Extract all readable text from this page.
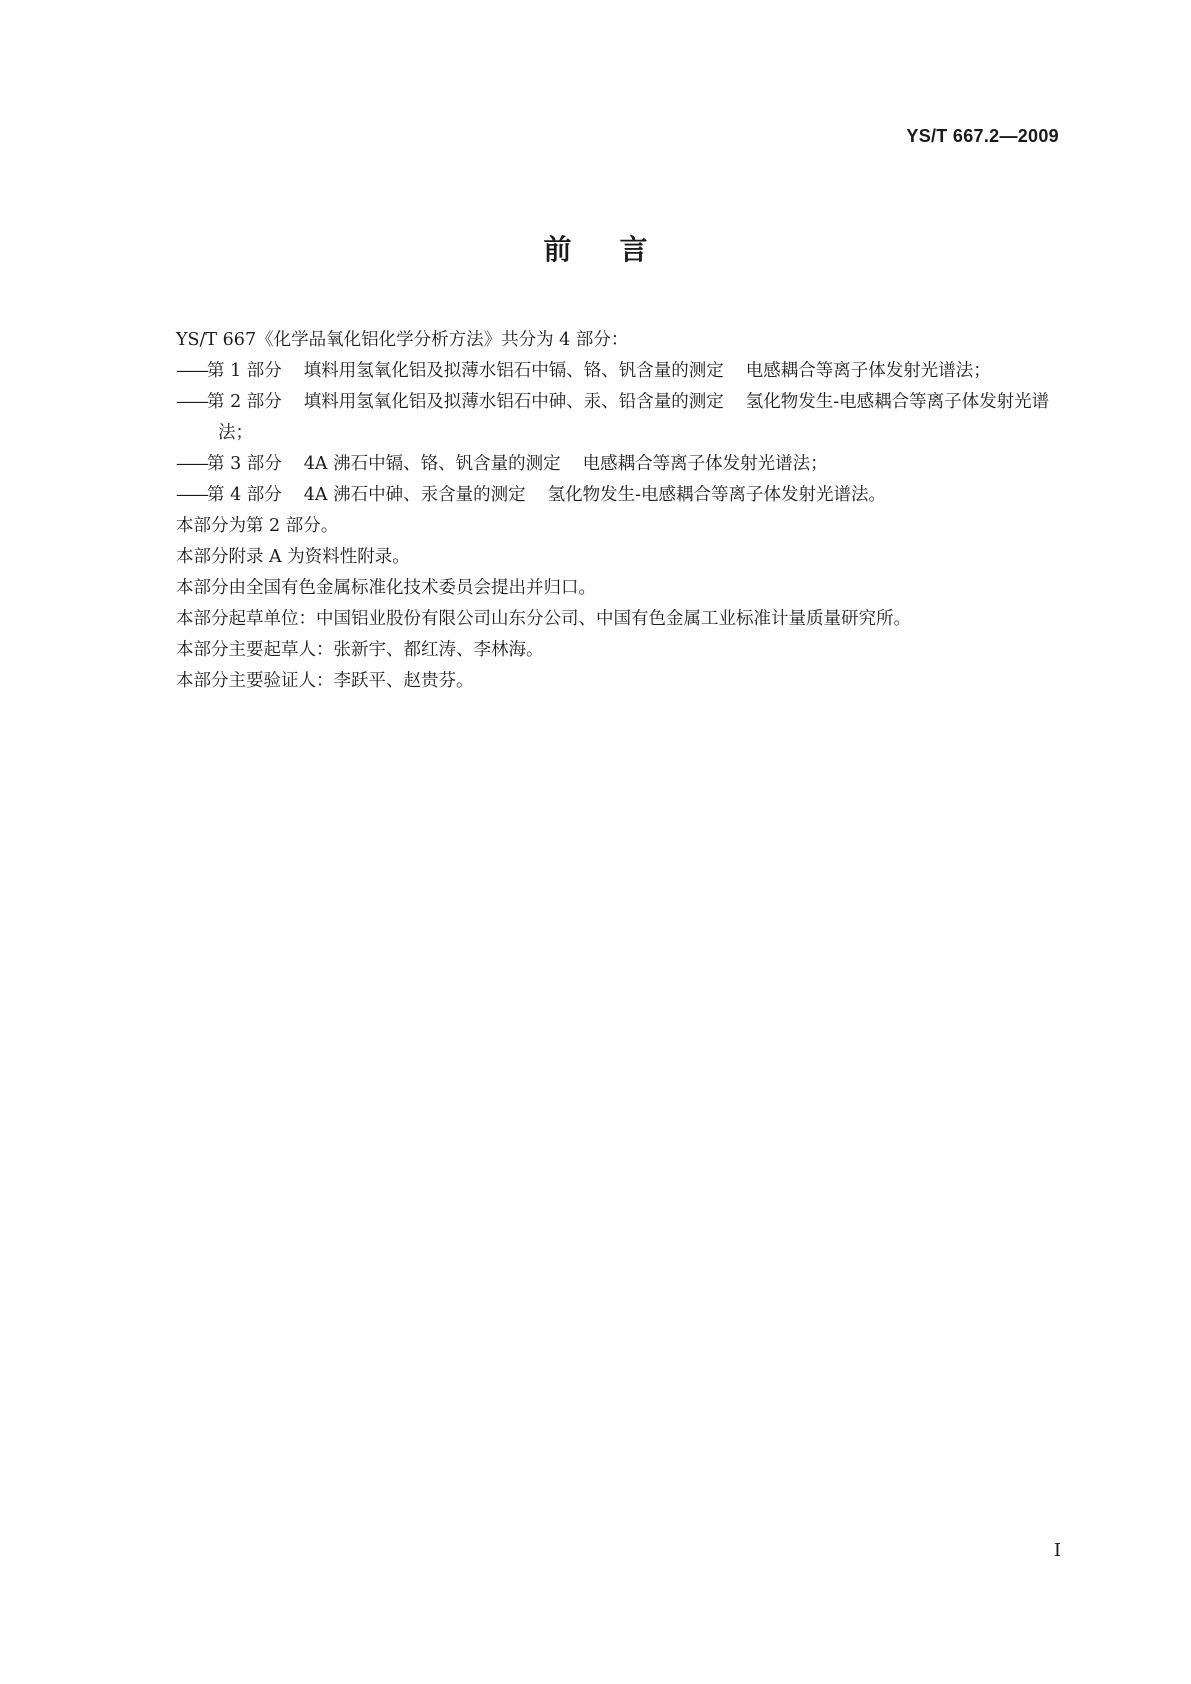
YS/T 667.2—2009
前言

YS/T 667《化学品氧化铝化学分析方法》共分为 4 部分：

——第 1 部分 填料用氢氧化铝及拟薄水铝石中镉、铬、钒含量的测定 电感耦合等离子体发射光谱法；

——第 2 部分 填料用氢氧化铝及拟薄水铝石中砷、汞、铅含量的测定 氢化物发生-电感耦合等离子体发射光谱法；

——第 3 部分 4A 沸石中镉、铬、钒含量的测定 电感耦合等离子体发射光谱法；

——第 4 部分 4A 沸石中砷、汞含量的测定 氢化物发生-电感耦合等离子体发射光谱法。

本部分为第 2 部分。

本部分附录 A 为资料性附录。

本部分由全国有色金属标准化技术委员会提出并归口。

本部分起草单位：中国铝业股份有限公司山东分公司、中国有色金属工业标准计量质量研究所。

本部分主要起草人：张新宇、都红涛、李林海。

本部分主要验证人：李跃平、赵贵芬。

I
